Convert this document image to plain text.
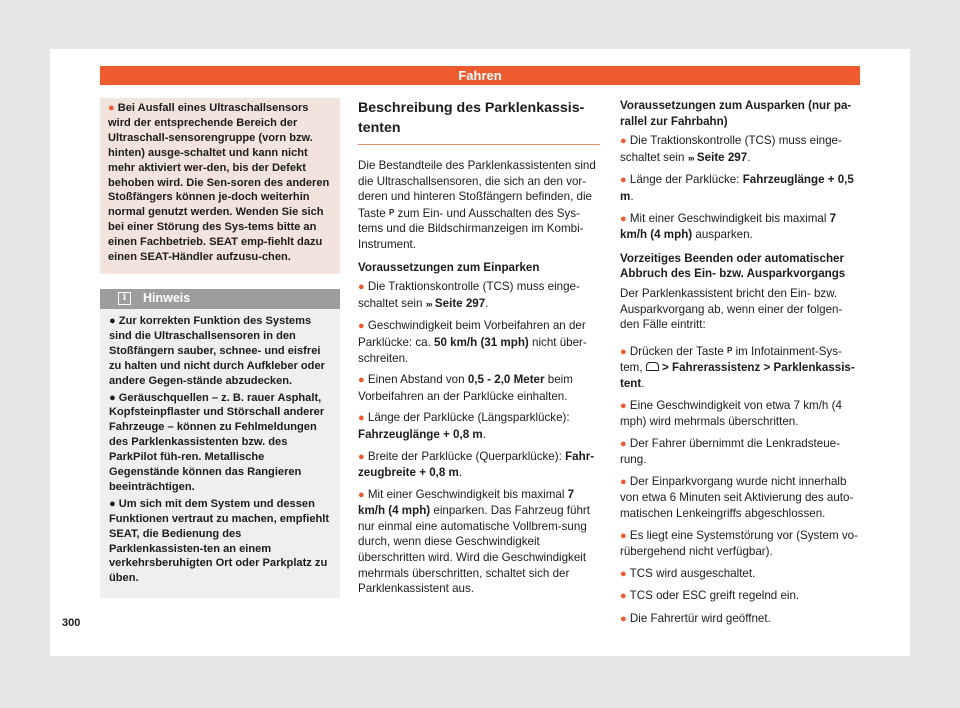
Fahren

● Bei Ausfall eines Ultraschallsensors wird der entsprechende Bereich der Ultraschall-sensorengruppe (vorn bzw. hinten) ausge-schaltet und kann nicht mehr aktiviert wer-den, bis der Defekt behoben wird. Die Sen-soren des anderen Stoßfängers können je-doch weiterhin normal genutzt werden. Wenden Sie sich bei einer Störung des Sys-tems bitte an einen Fachbetrieb. SEAT emp-fiehlt dazu einen SEAT-Händler aufzusu-chen.

i	Hinweis

● Zur korrekten Funktion des Systems sind die Ultraschallsensoren in den Stoßfängern sauber, schnee- und eisfrei zu halten und nicht durch Aufkleber oder andere Gegen-stände abzudecken.

● Geräuschquellen – z. B. rauer Asphalt, Kopfsteinpflaster und Störschall anderer Fahrzeuge – können zu Fehlmeldungen des Parklenkassistenten bzw. des ParkPilot füh-ren. Metallische Gegenstände können das Rangieren beeinträchtigen.

● Um sich mit dem System und dessen Funktionen vertraut zu machen, empfiehlt SEAT, die Bedienung des Parklenkassisten-ten an einem verkehrsberuhigten Ort oder Parkplatz zu üben.

Beschreibung des Parklenkassis-tenten

Die Bestandteile des Parklenkassistenten sind die Ultraschallsensoren, die sich an den vor-deren und hinteren Stoßfängern befinden, die Taste P zum Ein- und Ausschalten des Sys-tems und die Bildschirmanzeigen im Kombi-Instrument.

Voraussetzungen zum Einparken

● Die Traktionskontrolle (TCS) muss einge-schaltet sein ››› Seite 297.

● Geschwindigkeit beim Vorbeifahren an der Parklücke: ca. 50 km/h (31 mph) nicht über-schreiten.

● Einen Abstand von 0,5 - 2,0 Meter beim Vorbeifahren an der Parklücke einhalten.

● Länge der Parklücke (Längsparklücke): Fahrzeuglänge + 0,8 m.

● Breite der Parklücke (Querparklücke): Fahr-zeugbreite + 0,8 m.

● Mit einer Geschwindigkeit bis maximal 7 km/h (4 mph) einparken. Das Fahrzeug führt nur einmal eine automatische Vollbrem-sung durch, wenn diese Geschwindigkeit überschritten wird. Wird die Geschwindigkeit mehrmals überschritten, schaltet sich der Parklenkassistent aus.

Voraussetzungen zum Ausparken (nur pa-rallel zur Fahrbahn)

● Die Traktionskontrolle (TCS) muss einge-schaltet sein ››› Seite 297.

● Länge der Parklücke: Fahrzeuglänge + 0,5 m.

● Mit einer Geschwindigkeit bis maximal 7 km/h (4 mph) ausparken.

Vorzeitiges Beenden oder automatischer Abbruch des Ein- bzw. Ausparkvorgangs

Der Parklenkassistent bricht den Ein- bzw. Ausparkvorgang ab, wenn einer der folgen-den Fälle eintritt:

● Drücken der Taste P im Infotainment-Sys-tem, > Fahrerassistenz > Parklenkassis-tent.

● Eine Geschwindigkeit von etwa 7 km/h (4 mph) wird mehrmals überschritten.

● Der Fahrer übernimmt die Lenkradsteue-rung.

● Der Einparkvorgang wurde nicht innerhalb von etwa 6 Minuten seit Aktivierung des auto-matischen Lenkeingriffs abgeschlossen.

● Es liegt eine Systemstörung vor (System vo-rübergehend nicht verfügbar).

● TCS wird ausgeschaltet.

● TCS oder ESC greift regelnd ein.

● Die Fahrertür wird geöffnet.

300
